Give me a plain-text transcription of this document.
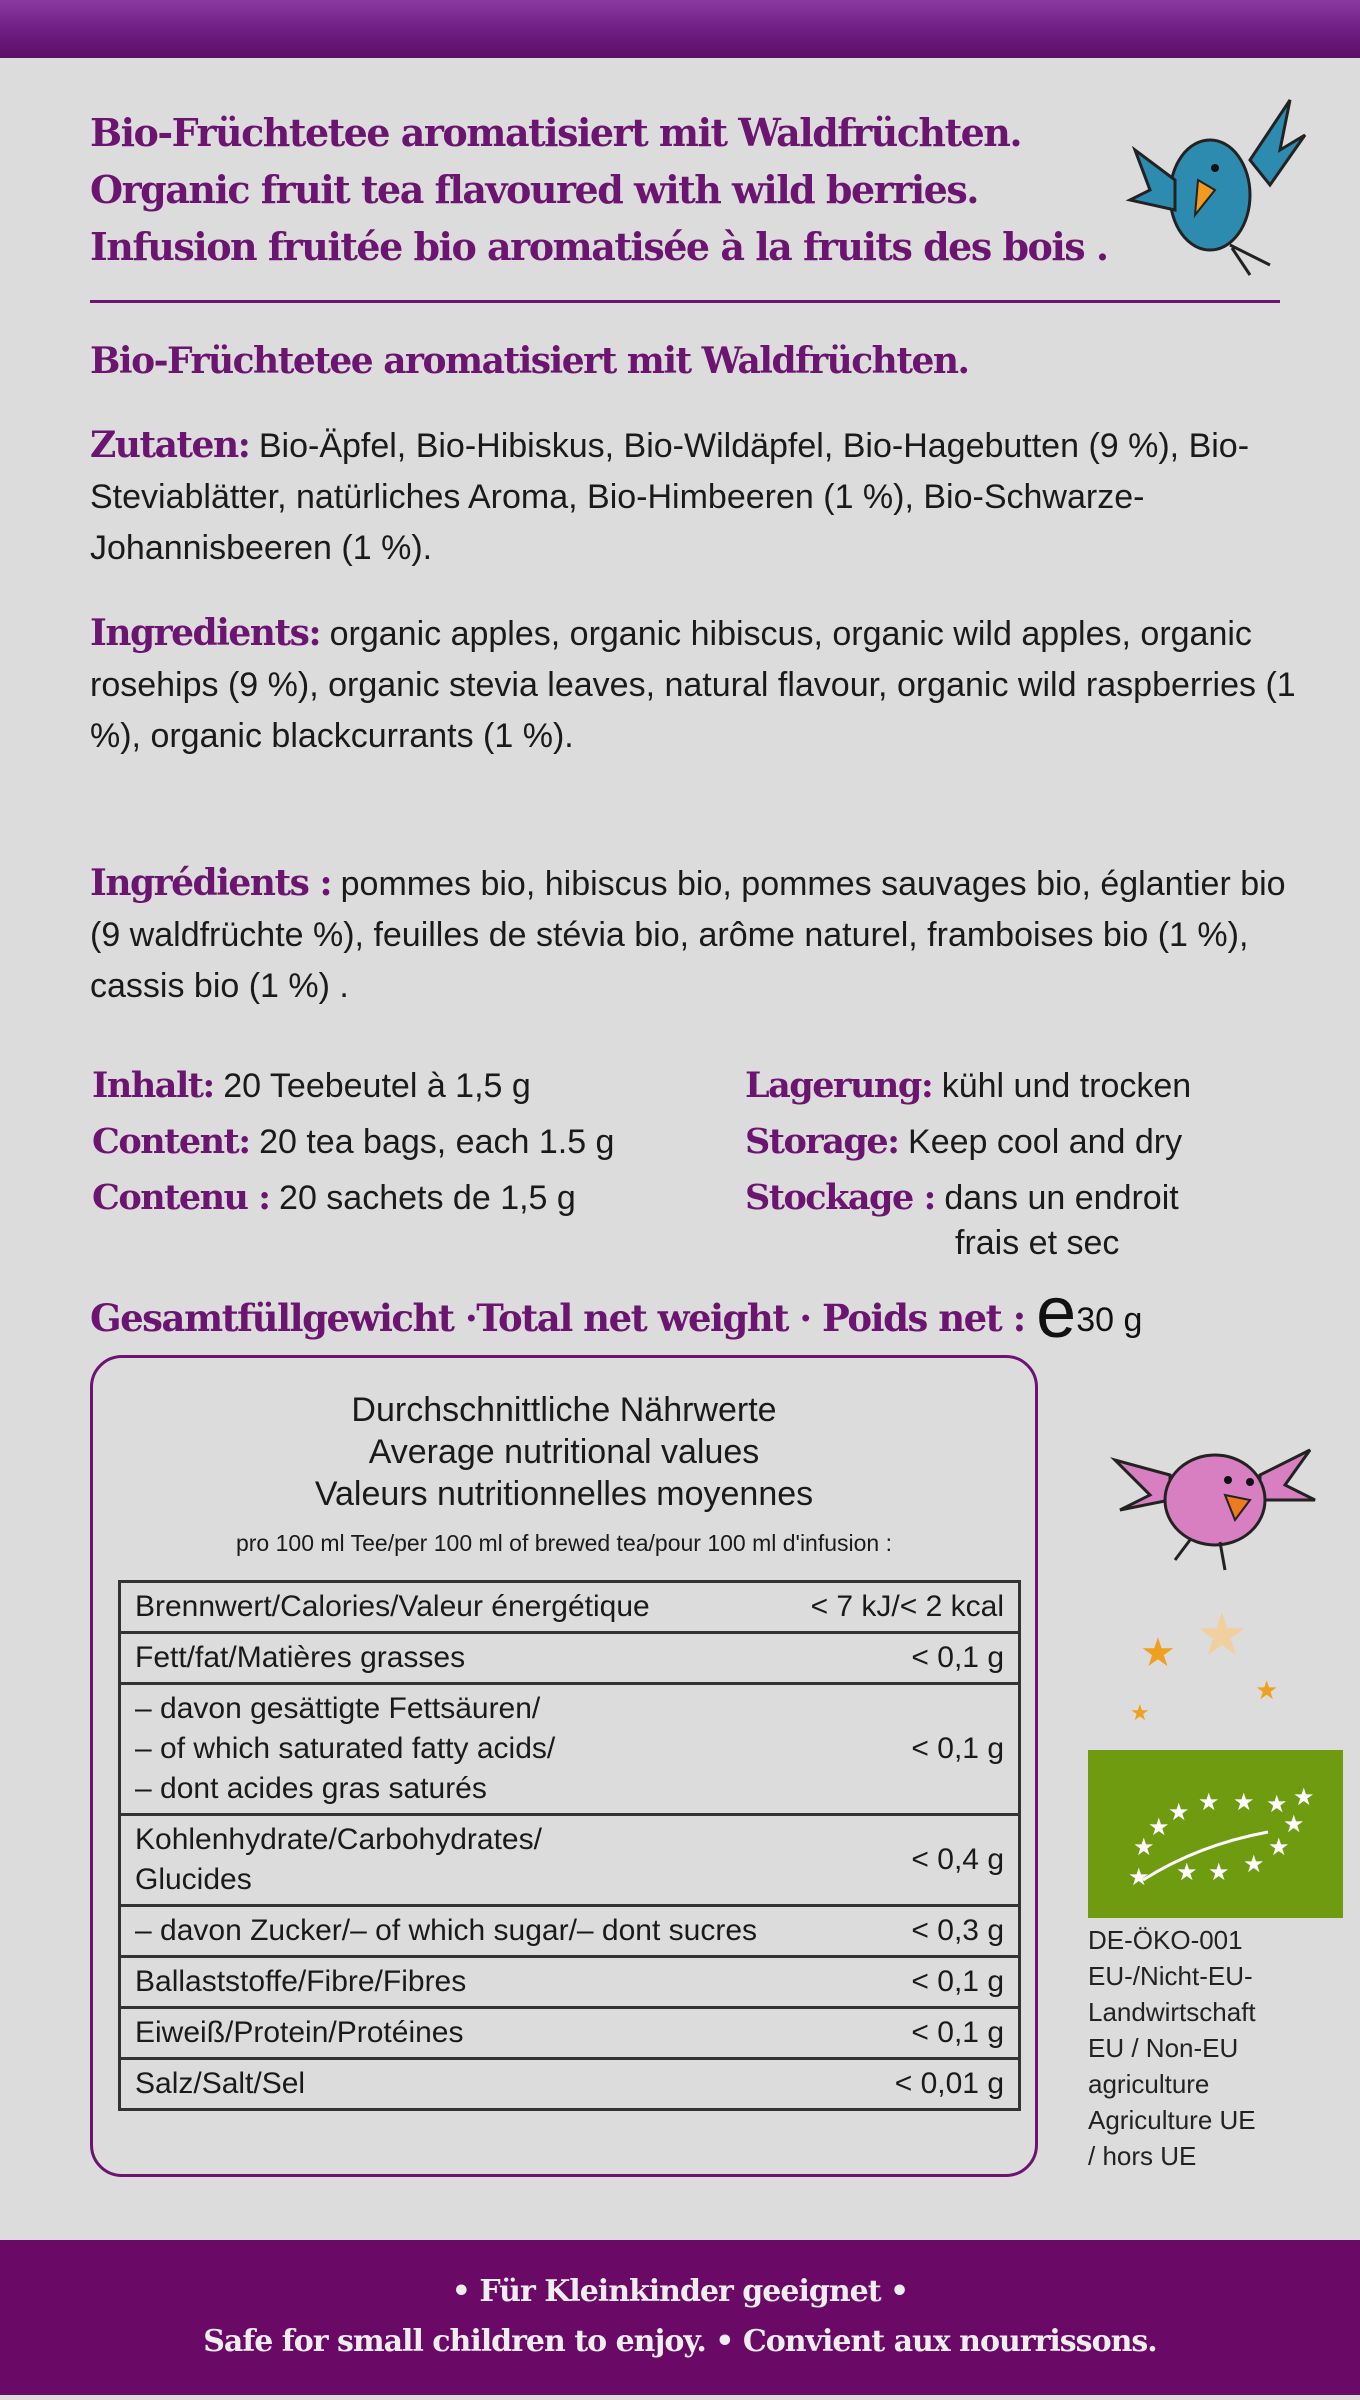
Bio-Früchtetee aromatisiert mit Waldfrüchten.
Organic fruit tea flavoured with wild berries.
Infusion fruitée bio aromatisée à la fruits des bois .
Bio-Früchtetee aromatisiert mit Waldfrüchten.
Zutaten: Bio-Äpfel, Bio-Hibiskus, Bio-Wildäpfel, Bio-Hagebutten (9 %), Bio-Steviablätter, natürliches Aroma, Bio-Himbeeren (1 %), Bio-Schwarze-Johannisbeeren (1 %).
Ingredients: organic apples, organic hibiscus, organic wild apples, organic rosehips (9 %), organic stevia leaves, natural flavour, organic wild raspberries (1 %), organic blackcurrants (1 %).
Ingrédients : pommes bio, hibiscus bio, pommes sauvages bio, églantier bio (9 waldfrüchte %), feuilles de stévia bio, arôme naturel, framboises bio (1 %), cassis bio (1 %) .
Inhalt: 20 Teebeutel à 1,5 g
Content: 20 tea bags, each 1.5 g
Contenu : 20 sachets de 1,5 g
Lagerung: kühl und trocken
Storage: Keep cool and dry
Stockage : dans un endroit
frais et sec
Gesamtfüllgewicht ·Total net weight · Poids net : e30 g
Durchschnittliche Nährwerte
Average nutritional values
Valeurs nutritionnelles moyennes
pro 100 ml Tee/per 100 ml of brewed tea/pour 100 ml d'infusion :
Brennwert/Calories/Valeur énergétique	< 7 kJ/< 2 kcal
Fett/fat/Matières grasses	< 0,1 g
– davon gesättigte Fettsäuren/
– of which saturated fatty acids/
– dont acides gras saturés	< 0,1 g
Kohlenhydrate/Carbohydrates/
Glucides	< 0,4 g
– davon Zucker/– of which sugar/– dont sucres	< 0,3 g
Ballaststoffe/Fibre/Fibres	< 0,1 g
Eiweiß/Protein/Protéines	< 0,1 g
Salz/Salt/Sel	< 0,01 g
★ ★
★
★
★ ★ ★ ★ ★
★	★
★	★
★
★
★
★
DE-ÖKO-001
EU-/Nicht-EU-
Landwirtschaft
EU / Non-EU
agriculture
Agriculture UE
/ hors UE
• Für Kleinkinder geeignet •
Safe for small children to enjoy. • Convient aux nourrissons.
